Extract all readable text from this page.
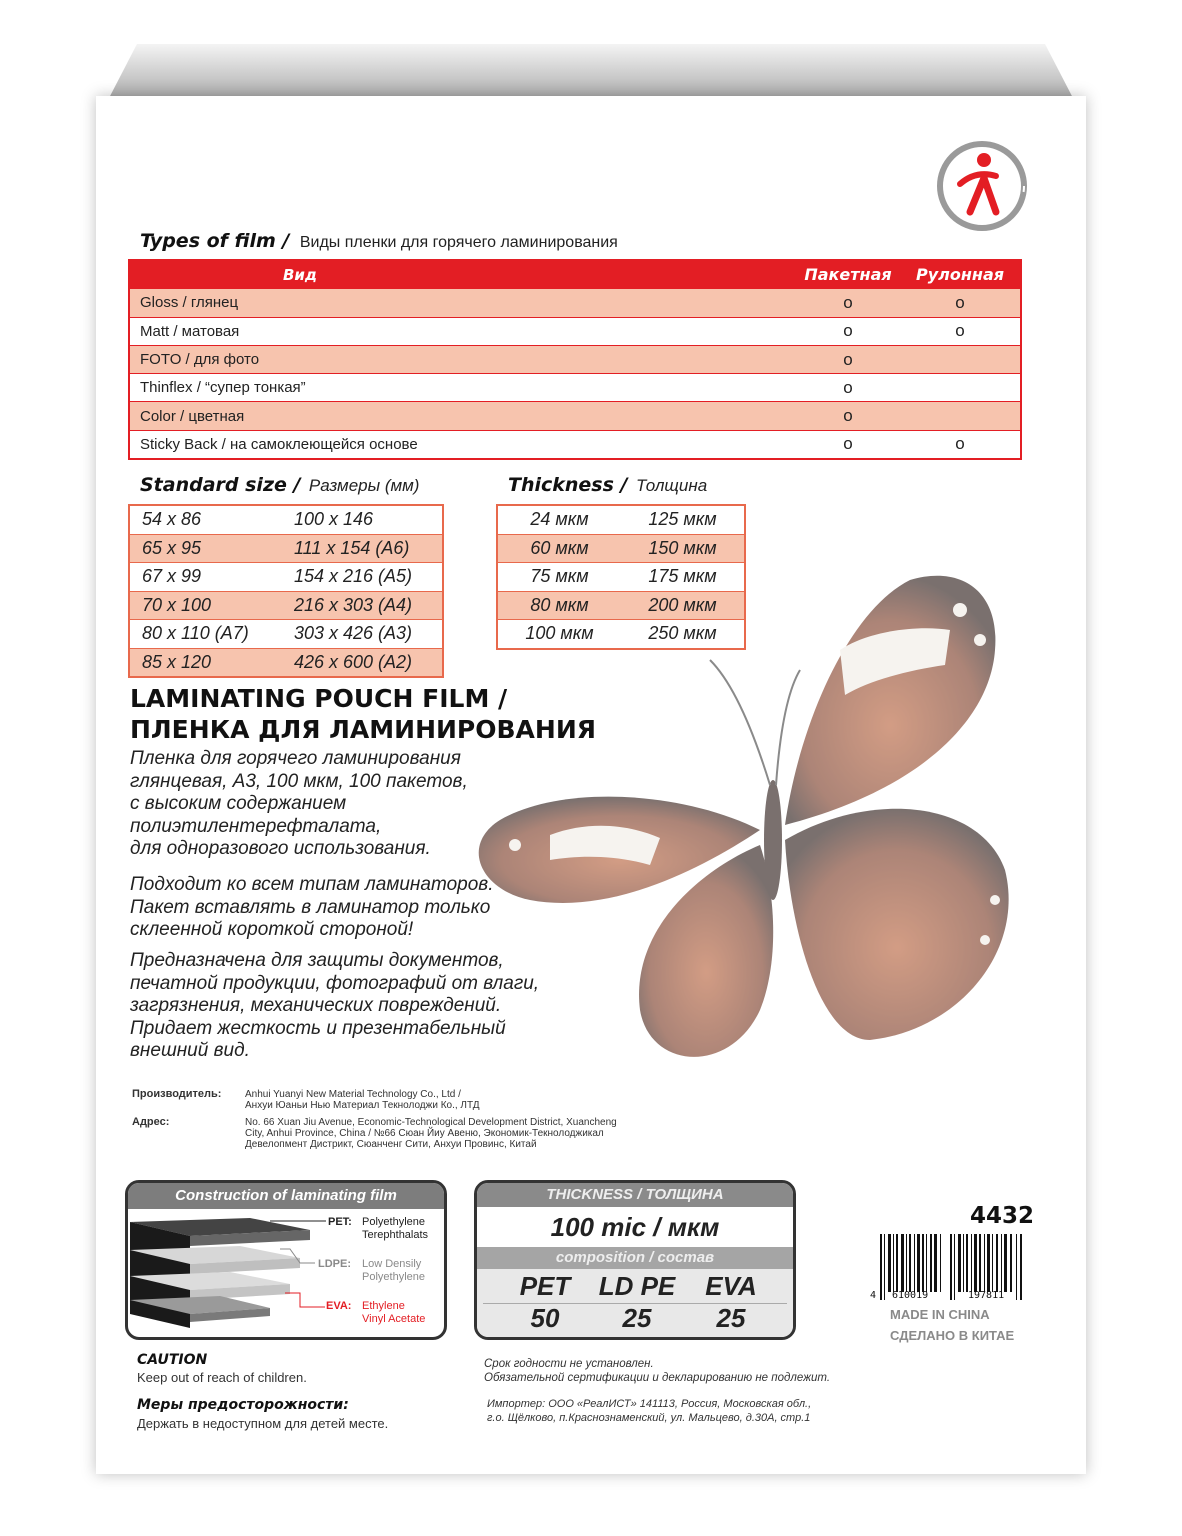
Types of film / Виды пленки для горячего ламинирования
Вид	Пакетная	Рулонная
Gloss / глянец	o	o
Matt / матовая	o	o
FOTO / для фото	o
Thinflex / “супер тонкая”	o
Color / цветная	o
Sticky Back / на самоклеющейся основе	o	o
Standard size / Размеры (мм)
54 x 86	100 x 146
65 x 95	111 x 154 (A6)
67 x 99	154 x 216 (A5)
70 x 100	216 x 303 (A4)
80 x 110 (A7)	303 x 426 (A3)
85 x 120	426 x 600 (A2)
Thickness / Толщина
24 мкм	125 мкм
60 мкм	150 мкм
75 мкм	175 мкм
80 мкм	200 мкм
100 мкм	250 мкм
LAMINATING POUCH FILM /
ПЛЕНКА ДЛЯ ЛАМИНИРОВАНИЯ
Пленка для горячего ламинирования
глянцевая, А3, 100 мкм, 100 пакетов,
с высоким содержанием
полиэтилентерефталата,
для одноразового использования.
Подходит ко всем типам ламинаторов.
Пакет вставлять в ламинатор только
склеенной короткой стороной!
Предназначена для защиты документов,
печатной продукции, фотографий от влаги,
загрязнения, механических повреждений.
Придает жесткость и презентабельный
внешний вид.
Производитель: Anhui Yuanyi New Material Technology Co., Ltd /
Анхуи Юаньи Нью Материал Текнолоджи Ко., ЛТД
Адрес:	No. 66 Xuan Jiu Avenue, Economic-Technological Development District, Xuancheng
City, Anhui Province, China / №66 Сюан Йиу Авеню, Экономик-Текнолоджикал
Девелопмент Дистрикт, Сюанченг Сити, Анхуи Провинс, Китай
Construction of laminating film
PET: Polyethylene
Terephthalats
LDPE: Low Densily
Polyethylene
EVA: Ethylene
Vinyl Acetate
THICKNESS / ТОЛЩИНА
100 mic / мкм
composition / состав
PET	LD PE	EVA
50	25	25
4432
4 610019	197811
MADE IN CHINA
СДЕЛАНО В КИТАЕ
CAUTION
Keep out of reach of children.
Меры предосторожности:
Держать в недоступном для детей месте.
Срок годности не установлен.
Обязательной сертификации и декларированию не подлежит.
Импортер: ООО «РеалИСТ» 141113, Россия, Московская обл.,
г.о. Щёлково, п.Краснознаменский, ул. Мальцево, д.30А, стр.1
